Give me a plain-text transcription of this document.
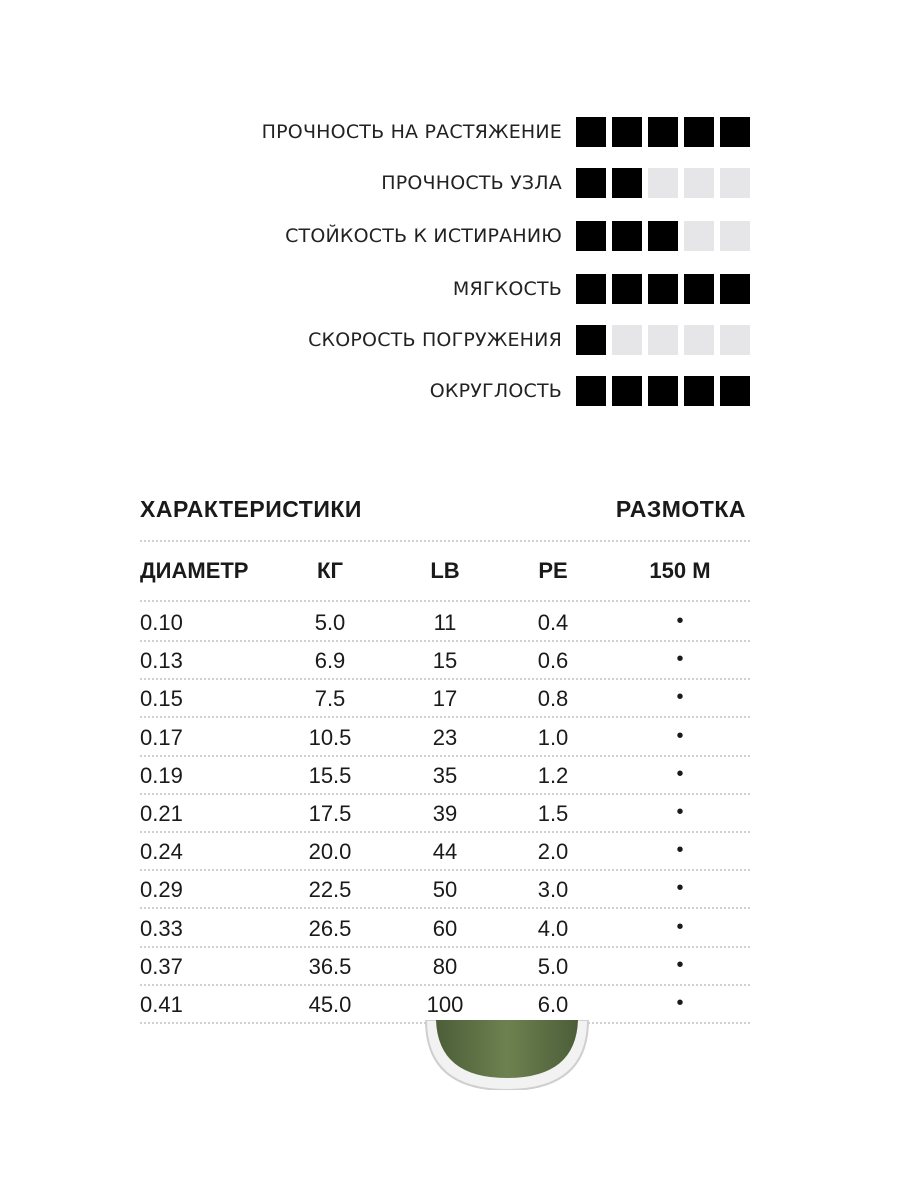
ПРОЧНОСТЬ НА РАСТЯЖЕНИЕ
ПРОЧНОСТЬ УЗЛА
СТОЙКОСТЬ К ИСТИРАНИЮ
МЯГКОСТЬ
СКОРОСТЬ ПОГРУЖЕНИЯ
ОКРУГЛОСТЬ
ХАРАКТЕРИСТИКИ	РАЗМОТКА
ДИАМЕТР	КГ	LB	PE	150 М
0.10	5.0	11	0.4	•
0.13	6.9	15	0.6	•
0.15	7.5	17	0.8	•
0.17	10.5	23	1.0	•
0.19	15.5	35	1.2	•
0.21	17.5	39	1.5	•
0.24	20.0	44	2.0	•
0.29	22.5	50	3.0	•
0.33	26.5	60	4.0	•
0.37	36.5	80	5.0	•
0.41	45.0	100	6.0	•
